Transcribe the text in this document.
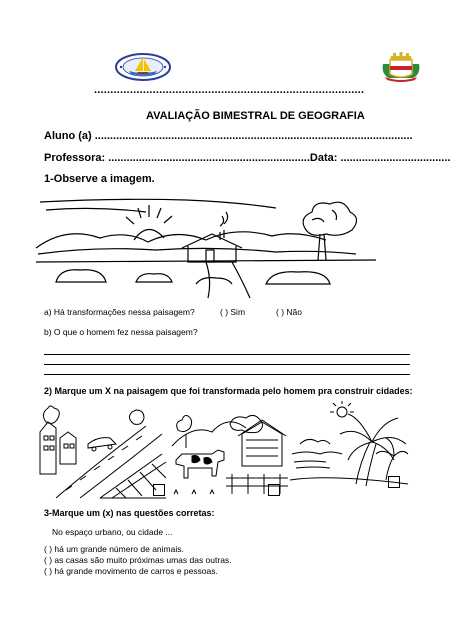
...................................................................................
AVALIAÇÃO BIMESTRAL DE GEOGRAFIA
Aluno (a) ........................................................................................................
Professora: ..................................................................Data: ....................................
1-Observe a imagem.
a) Há transformações nessa paisagem?	( ) Sim	( ) Não
b) O que o homem fez nessa paisagem?
2) Marque um X na paisagem que foi transformada pelo homem pra construir cidades:
3-Marque um (x) nas questões corretas:
No espaço urbano, ou cidade ...
( ) há um grande número de animais.
( ) as casas são muito próximas umas das outras.
( ) há grande movimento de carros e pessoas.
